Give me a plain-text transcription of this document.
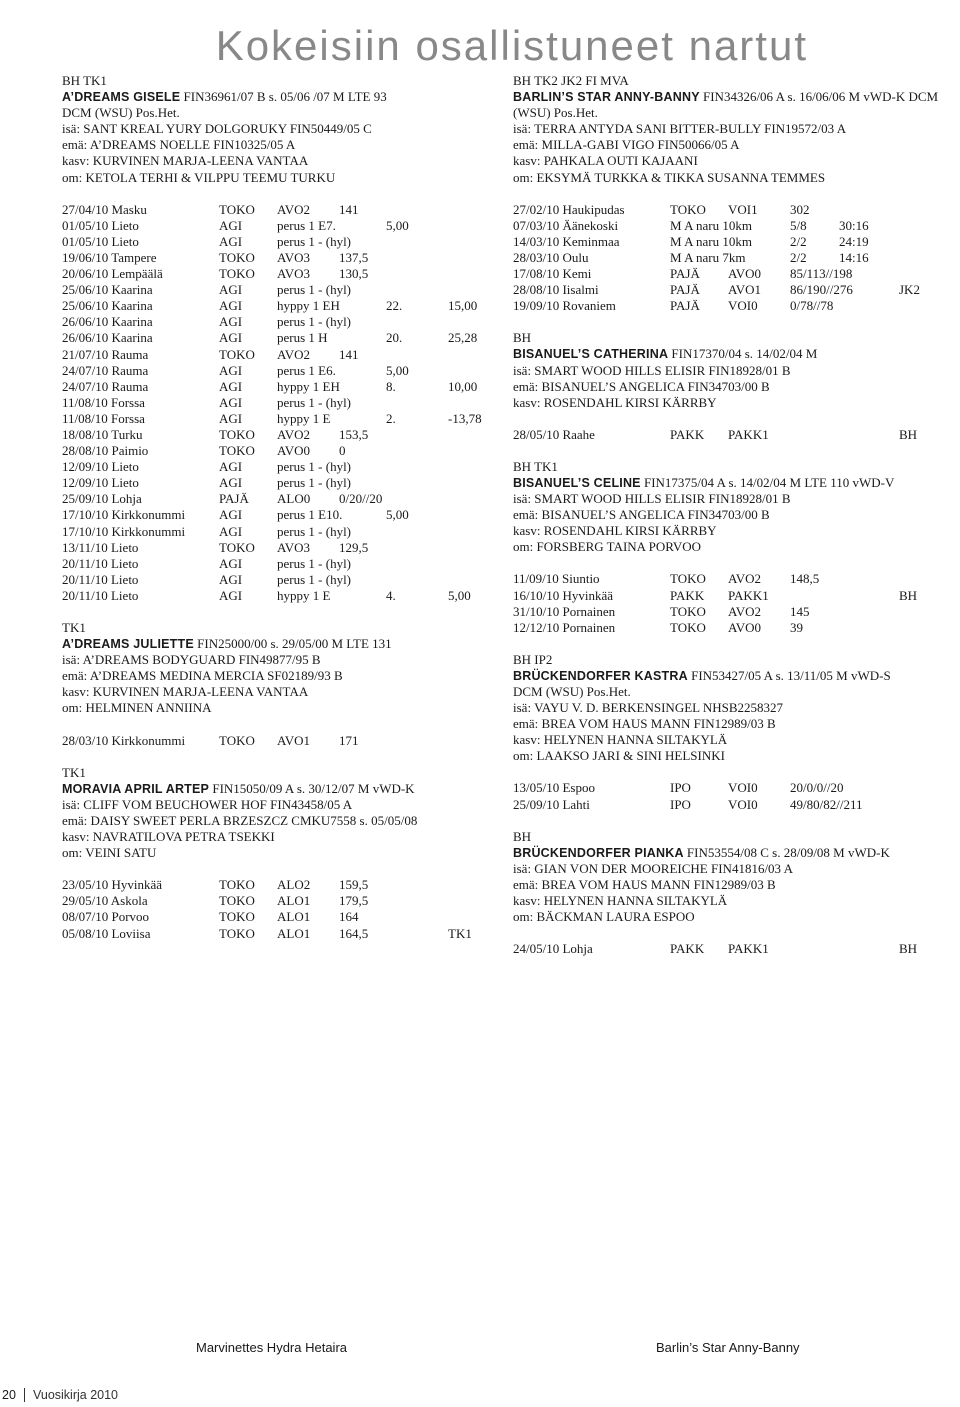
Kokeisiin osallistuneet nartut
BH TK1
A’DREAMS GISELE FIN36961/07 B s. 05/06 /07 M LTE 93
DCM (WSU) Pos.Het.
isä: SANT KREAL YURY DOLGORUKY FIN50449/05 C
emä: A’DREAMS NOELLE FIN10325/05 A
kasv: KURVINEN MARJA-LEENA VANTAA
om: KETOLA TERHI & VILPPU TEEMU TURKU
27/04/10 Masku	TOKO AVO2 141
01/05/10 Lieto	AGI	perus 1 E7.	5,00
01/05/10 Lieto	AGI	perus 1 - (hyl)
19/06/10 Tampere	TOKO AVO3 137,5
20/06/10 Lempäälä	TOKO AVO3 130,5
25/06/10 Kaarina	AGI	perus 1 - (hyl)
25/06/10 Kaarina	AGI	hyppy 1 EH	22.	15,00
26/06/10 Kaarina	AGI	perus 1 - (hyl)
26/06/10 Kaarina	AGI	perus 1 H	20.	25,28
21/07/10 Rauma	TOKO AVO2 141
24/07/10 Rauma	AGI	perus 1 E6.	5,00
24/07/10 Rauma	AGI	hyppy 1 EH	8.	10,00
11/08/10 Forssa	AGI	perus 1 - (hyl)
11/08/10 Forssa	AGI	hyppy 1 E	2.	-13,78
18/08/10 Turku	TOKO AVO2 153,5
28/08/10 Paimio	TOKO AVO0 0
12/09/10 Lieto	AGI	perus 1 - (hyl)
12/09/10 Lieto	AGI	perus 1 - (hyl)
25/09/10 Lohja	PAJÄ ALO0 0/20//20
17/10/10 Kirkkonummi	AGI	perus 1 E10.	5,00
17/10/10 Kirkkonummi	AGI	perus 1 - (hyl)
13/11/10 Lieto	TOKO AVO3 129,5
20/11/10 Lieto	AGI	perus 1 - (hyl)
20/11/10 Lieto	AGI	perus 1 - (hyl)
20/11/10 Lieto	AGI	hyppy 1 E	4.	5,00
TK1
A’DREAMS JULIETTE FIN25000/00 s. 29/05/00 M LTE 131
isä: A’DREAMS BODYGUARD FIN49877/95 B
emä: A’DREAMS MEDINA MERCIA SF02189/93 B
kasv: KURVINEN MARJA-LEENA VANTAA
om: HELMINEN ANNIINA
28/03/10 Kirkkonummi	TOKO AVO1 171
TK1
MORAVIA APRIL ARTEP FIN15050/09 A s. 30/12/07 M vWD-K
isä: CLIFF VOM BEUCHOWER HOF FIN43458/05 A
emä: DAISY SWEET PERLA BRZESZCZ CMKU7558 s. 05/05/08
kasv: NAVRATILOVA PETRA TSEKKI
om: VEINI SATU
23/05/10 Hyvinkää	TOKO ALO2 159,5
29/05/10 Askola	TOKO ALO1 179,5
08/07/10 Porvoo	TOKO ALO1 164
05/08/10 Loviisa	TOKO ALO1 164,5	TK1
BH TK2 JK2 FI MVA
BARLIN’S STAR ANNY-BANNY FIN34326/06 A s. 16/06/06 M vWD-K DCM
(WSU) Pos.Het.
isä: TERRA ANTYDA SANI BITTER-BULLY FIN19572/03 A
emä: MILLA-GABI VIGO FIN50066/05 A
kasv: PAHKALA OUTI KAJAANI
om: EKSYMÄ TURKKA & TIKKA SUSANNA TEMMES
27/02/10 Haukipudas	TOKO VOI1 302
07/03/10 Äänekoski	M A naru 10km	5/8 30:16
14/03/10 Keminmaa	M A naru 10km	2/2 24:19
28/03/10 Oulu	M A naru 7km	2/2 14:16
17/08/10 Kemi	PAJÄ AVO0 85/113//198
28/08/10 Iisalmi	PAJÄ AVO1 86/190//276	JK2
19/09/10 Rovaniem	PAJÄ VOI0 0/78//78
BH
BISANUEL’S CATHERINA FIN17370/04 s. 14/02/04 M
isä: SMART WOOD HILLS ELISIR FIN18928/01 B
emä: BISANUEL’S ANGELICA FIN34703/00 B
kasv: ROSENDAHL KIRSI KÄRRBY
28/05/10 Raahe	PAKK PAKK1	BH
BH TK1
BISANUEL’S CELINE FIN17375/04 A s. 14/02/04 M LTE 110 vWD-V
isä: SMART WOOD HILLS ELISIR FIN18928/01 B
emä: BISANUEL’S ANGELICA FIN34703/00 B
kasv: ROSENDAHL KIRSI KÄRRBY
om: FORSBERG TAINA PORVOO
11/09/10 Siuntio	TOKO AVO2 148,5
16/10/10 Hyvinkää	PAKK PAKK1	BH
31/10/10 Pornainen	TOKO AVO2 145
12/12/10 Pornainen	TOKO AVO0 39
BH IP2
BRÜCKENDORFER KASTRA FIN53427/05 A s. 13/11/05 M vWD-S
DCM (WSU) Pos.Het.
isä: VAYU V. D. BERKENSINGEL NHSB2258327
emä: BREA VOM HAUS MANN FIN12989/03 B
kasv: HELYNEN HANNA SILTAKYLÄ
om: LAAKSO JARI & SINI HELSINKI
13/05/10 Espoo	IPO	VOI0 20/0/0//20
25/09/10 Lahti	IPO	VOI0 49/80/82//211
BH
BRÜCKENDORFER PIANKA FIN53554/08 C s. 28/09/08 M vWD-K
isä: GIAN VON DER MOOREICHE FIN41816/03 A
emä: BREA VOM HAUS MANN FIN12989/03 B
kasv: HELYNEN HANNA SILTAKYLÄ
om: BÄCKMAN LAURA ESPOO
24/05/10 Lohja	PAKK PAKK1	BH
Marvinettes Hydra Hetaira	Barlin’s Star Anny-Banny
20 Vuosikirja 2010
